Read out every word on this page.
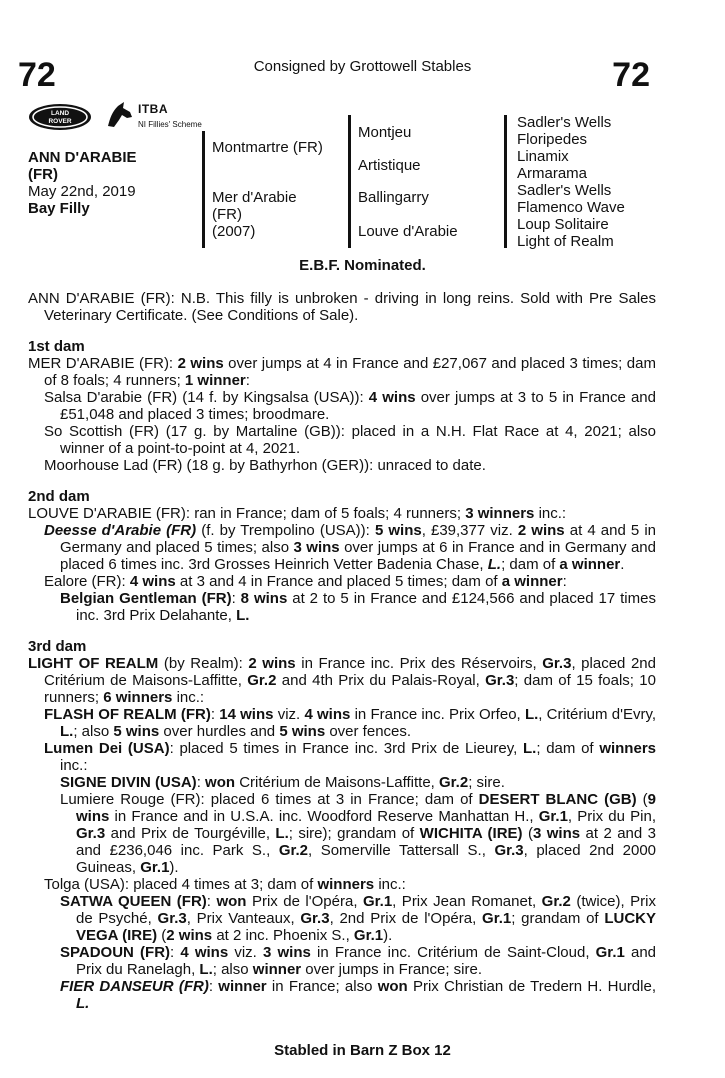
72	72
Consigned by Grottowell Stables
LAND
ROVER
ITBA
NI Fillies' Scheme
ANN D'ARABIE
(FR)
May 22nd, 2019
Bay Filly
Montmartre (FR)
Mer d'Arabie
(FR)
(2007)
Montjeu
Artistique
Ballingarry
Louve d'Arabie
Sadler's Wells
Floripedes
Linamix
Armarama
Sadler's Wells
Flamenco Wave
Loup Solitaire
Light of Realm
E.B.F. Nominated.

ANN D'ARABIE (FR): N.B. This filly is unbroken - driving in long reins. Sold with Pre Sales Veterinary Certificate. (See Conditions of Sale).

1st dam

MER D'ARABIE (FR): 2 wins over jumps at 4 in France and £27,067 and placed 3 times; dam of 8 foals; 4 runners; 1 winner:

Salsa D'arabie (FR) (14 f. by Kingsalsa (USA)): 4 wins over jumps at 3 to 5 in France and £51,048 and placed 3 times; broodmare.

So Scottish (FR) (17 g. by Martaline (GB)): placed in a N.H. Flat Race at 4, 2021; also winner of a point-to-point at 4, 2021.

Moorhouse Lad (FR) (18 g. by Bathyrhon (GER)): unraced to date.

2nd dam

LOUVE D'ARABIE (FR): ran in France; dam of 5 foals; 4 runners; 3 winners inc.:

Deesse d'Arabie (FR) (f. by Trempolino (USA)): 5 wins, £39,377 viz. 2 wins at 4 and 5 in Germany and placed 5 times; also 3 wins over jumps at 6 in France and in Germany and placed 6 times inc. 3rd Grosses Heinrich Vetter Badenia Chase, L.; dam of a winner.

Ealore (FR): 4 wins at 3 and 4 in France and placed 5 times; dam of a winner:

Belgian Gentleman (FR): 8 wins at 2 to 5 in France and £124,566 and placed 17 times inc. 3rd Prix Delahante, L.

3rd dam

LIGHT OF REALM (by Realm): 2 wins in France inc. Prix des Réservoirs, Gr.3, placed 2nd Critérium de Maisons-Laffitte, Gr.2 and 4th Prix du Palais-Royal, Gr.3; dam of 15 foals; 10 runners; 6 winners inc.:

FLASH OF REALM (FR): 14 wins viz. 4 wins in France inc. Prix Orfeo, L., Critérium d'Evry, L.; also 5 wins over hurdles and 5 wins over fences.

Lumen Dei (USA): placed 5 times in France inc. 3rd Prix de Lieurey, L.; dam of winners inc.:

SIGNE DIVIN (USA): won Critérium de Maisons-Laffitte, Gr.2; sire.

Lumiere Rouge (FR): placed 6 times at 3 in France; dam of DESERT BLANC (GB) (9 wins in France and in U.S.A. inc. Woodford Reserve Manhattan H., Gr.1, Prix du Pin, Gr.3 and Prix de Tourgéville, L.; sire); grandam of WICHITA (IRE) (3 wins at 2 and 3 and £236,046 inc. Park S., Gr.2, Somerville Tattersall S., Gr.3, placed 2nd 2000 Guineas, Gr.1).

Tolga (USA): placed 4 times at 3; dam of winners inc.:

SATWA QUEEN (FR): won Prix de l'Opéra, Gr.1, Prix Jean Romanet, Gr.2 (twice), Prix de Psyché, Gr.3, Prix Vanteaux, Gr.3, 2nd Prix de l'Opéra, Gr.1; grandam of LUCKY VEGA (IRE) (2 wins at 2 inc. Phoenix S., Gr.1).

SPADOUN (FR): 4 wins viz. 3 wins in France inc. Critérium de Saint-Cloud, Gr.1 and Prix du Ranelagh, L.; also winner over jumps in France; sire.

FIER DANSEUR (FR): winner in France; also won Prix Christian de Tredern H. Hurdle, L.

Stabled in Barn Z Box 12
